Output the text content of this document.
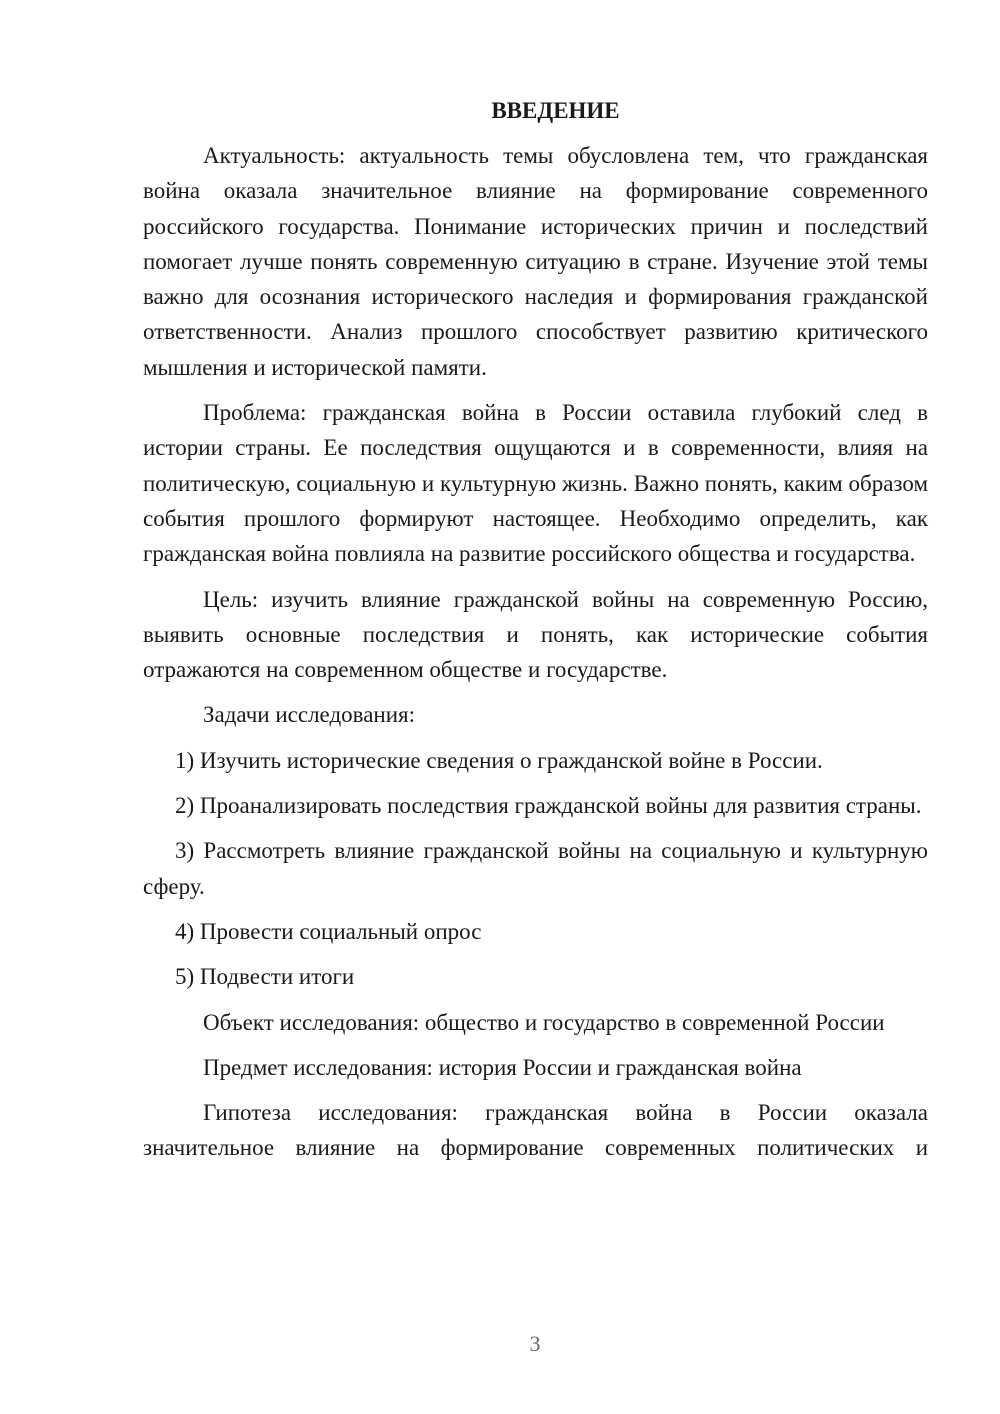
ВВЕДЕНИЕ

Актуальность: актуальность темы обусловлена тем, что гражданская война оказала значительное влияние на формирование современного российского государства. Понимание исторических причин и последствий помогает лучше понять современную ситуацию в стране. Изучение этой темы важно для осознания исторического наследия и формирования гражданской ответственности. Анализ прошлого способствует развитию критического мышления и исторической памяти.

Проблема: гражданская война в России оставила глубокий след в истории страны. Ее последствия ощущаются и в современности, влияя на политическую, социальную и культурную жизнь. Важно понять, каким образом события прошлого формируют настоящее. Необходимо определить, как гражданская война повлияла на развитие российского общества и государства.

Цель: изучить влияние гражданской войны на современную Россию, выявить основные последствия и понять, как исторические события отражаются на современном обществе и государстве.

Задачи исследования:

1) Изучить исторические сведения о гражданской войне в России.

2) Проанализировать последствия гражданской войны для развития страны.

3) Рассмотреть влияние гражданской войны на социальную и культурную сферу.

4) Провести социальный опрос

5) Подвести итоги

Объект исследования: общество и государство в современной России

Предмет исследования: история России и гражданская война

Гипотеза исследования: гражданская война в России оказала значительное влияние на формирование современных политических и

3
